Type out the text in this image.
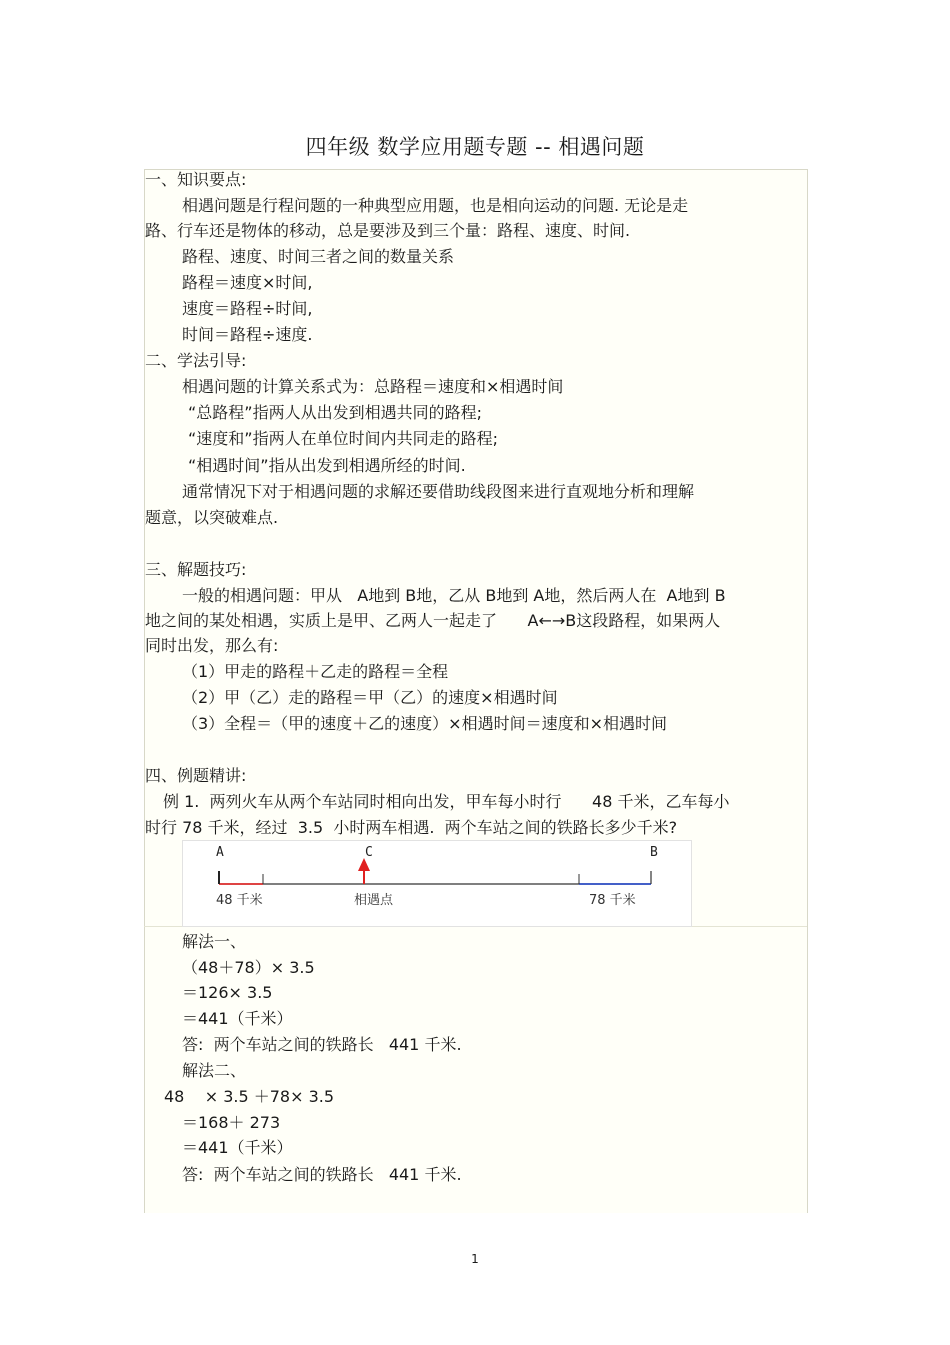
四年级 数学应用题专题 -- 相遇问题
一、知识要点:
相遇问题是行程问题的一种典型应用题，也是相向运动的问题. 无论是走
路、行车还是物体的移动，总是要涉及到三个量：路程、速度、时间.
路程、速度、时间三者之间的数量关系
路程＝速度×时间,
速度＝路程÷时间,
时间＝路程÷速度.
二、学法引导:
相遇问题的计算关系式为：总路程＝速度和×相遇时间
“总路程”指两人从出发到相遇共同的路程;
“速度和”指两人在单位时间内共同走的路程;
“相遇时间”指从出发到相遇所经的时间.
通常情况下对于相遇问题的求解还要借助线段图来进行直观地分析和理解
题意，以突破难点.
三、解题技巧:
一般的相遇问题：甲从   A地到 B地，乙从 B地到 A地，然后两人在  A地到 B
地之间的某处相遇，实质上是甲、乙两人一起走了      A←→B这段路程，如果两人
同时出发，那么有:
（1）甲走的路程＋乙走的路程＝全程
（2）甲（乙）走的路程＝甲（乙）的速度×相遇时间
（3）全程＝（甲的速度＋乙的速度）×相遇时间＝速度和×相遇时间
四、例题精讲:
例 1.  两列火车从两个车站同时相向出发，甲车每小时行      48 千米，乙车每小
时行 78 千米，经过  3.5  小时两车相遇.  两个车站之间的铁路长多少千米?
A	C	B
48 千米	相遇点	78 千米
解法一、
（48＋78）× 3.5
＝126× 3.5
＝441（千米）
答:  两个车站之间的铁路长   441 千米.
解法二、
48    × 3.5 ＋78× 3.5
＝168＋ 273
＝441（千米）
答:  两个车站之间的铁路长   441 千米.
1
